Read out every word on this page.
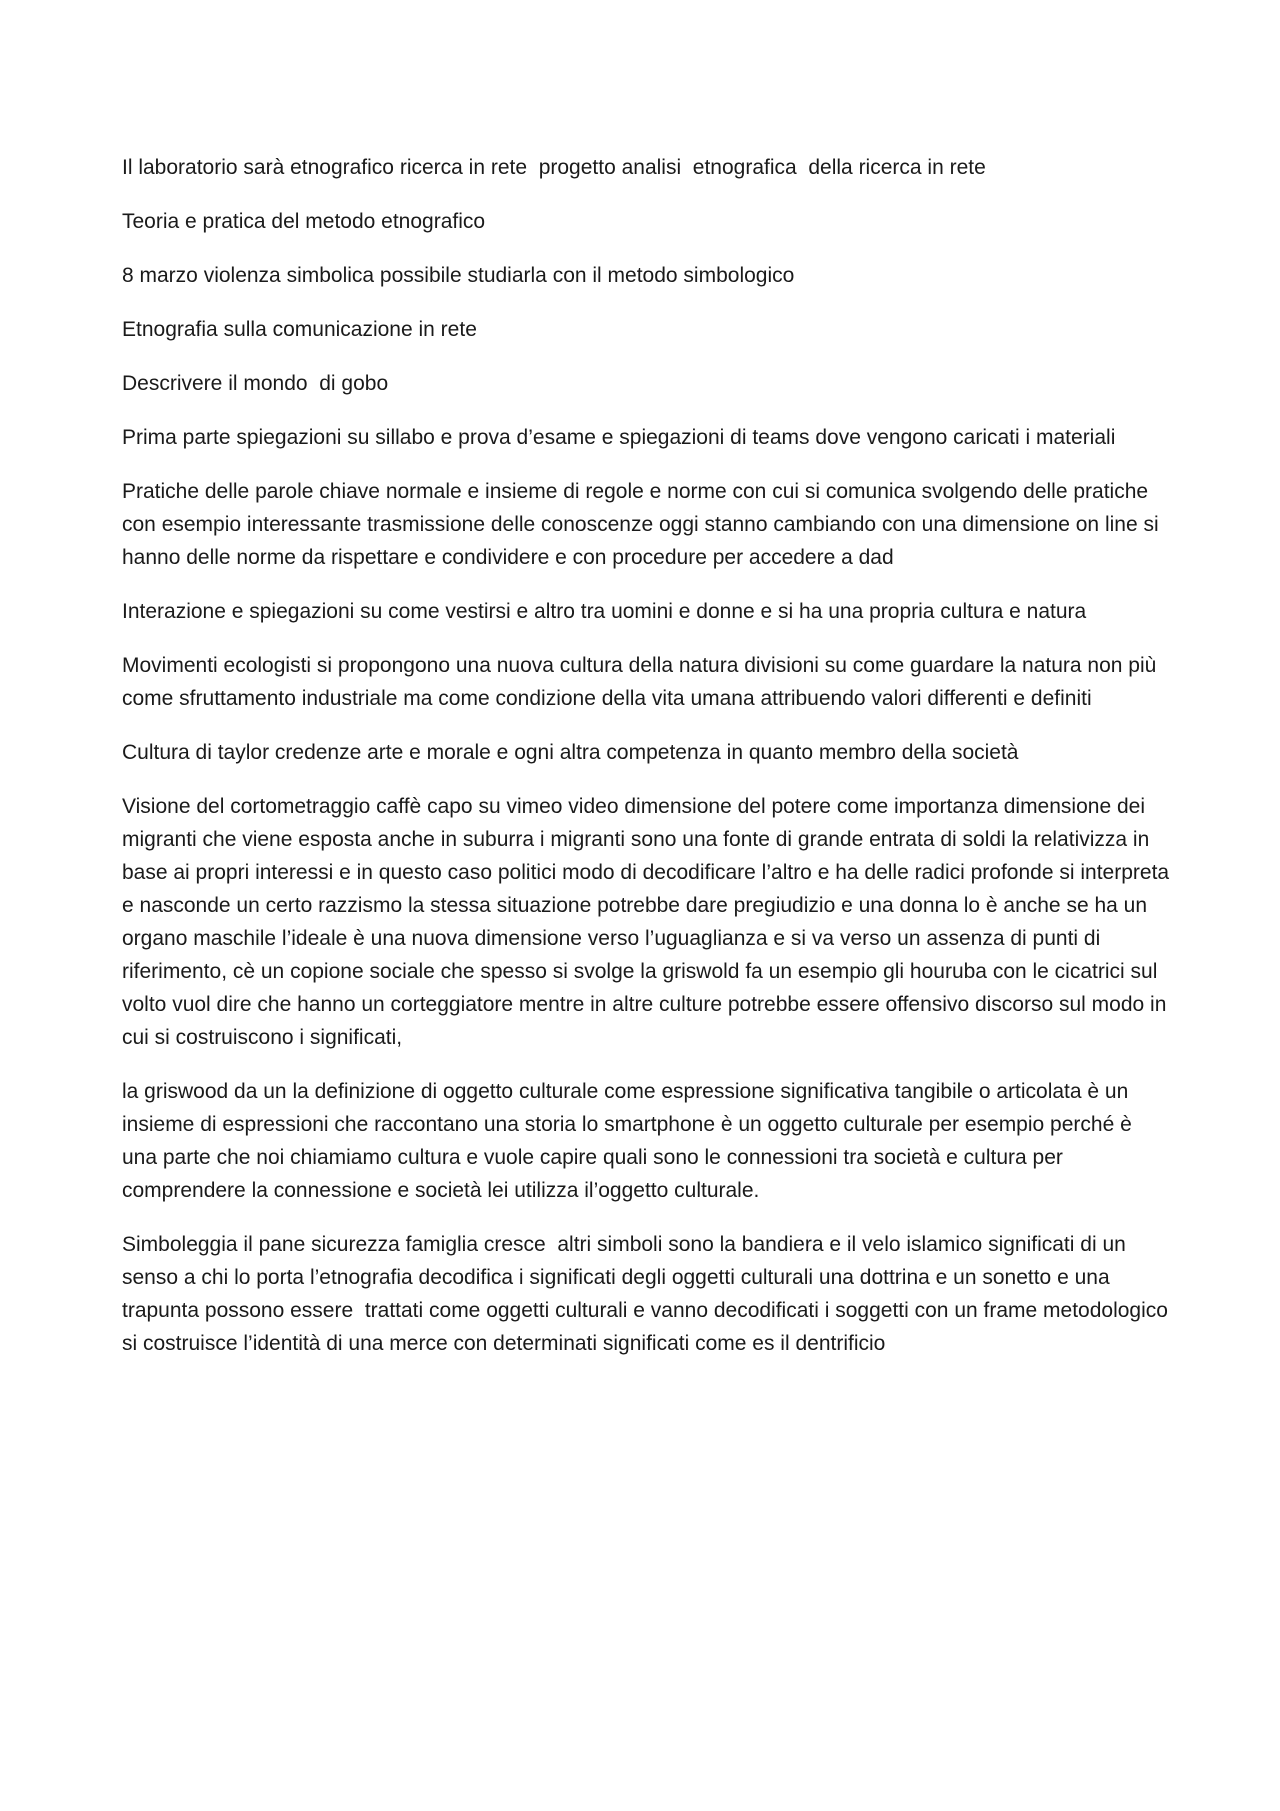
Il laboratorio sarà etnografico ricerca in rete  progetto analisi  etnografica  della ricerca in rete

Teoria e pratica del metodo etnografico

8 marzo violenza simbolica possibile studiarla con il metodo simbologico

Etnografia sulla comunicazione in rete

Descrivere il mondo  di gobo

Prima parte spiegazioni su sillabo e prova d’esame e spiegazioni di teams dove vengono caricati i materiali

Pratiche delle parole chiave normale e insieme di regole e norme con cui si comunica svolgendo delle pratiche con esempio interessante trasmissione delle conoscenze oggi stanno cambiando con una dimensione on line si hanno delle norme da rispettare e condividere e con procedure per accedere a dad

Interazione e spiegazioni su come vestirsi e altro tra uomini e donne e si ha una propria cultura e natura

Movimenti ecologisti si propongono una nuova cultura della natura divisioni su come guardare la natura non più come sfruttamento industriale ma come condizione della vita umana attribuendo valori differenti e definiti

Cultura di taylor credenze arte e morale e ogni altra competenza in quanto membro della società

Visione del cortometraggio caffè capo su vimeo video dimensione del potere come importanza dimensione dei migranti che viene esposta anche in suburra i migranti sono una fonte di grande entrata di soldi la relativizza in base ai propri interessi e in questo caso politici modo di decodificare l’altro e ha delle radici profonde si interpreta e nasconde un certo razzismo la stessa situazione potrebbe dare pregiudizio e una donna lo è anche se ha un organo maschile l’ideale è una nuova dimensione verso l’uguaglianza e si va verso un assenza di punti di riferimento, cè un copione sociale che spesso si svolge la griswold fa un esempio gli houruba con le cicatrici sul volto vuol dire che hanno un corteggiatore mentre in altre culture potrebbe essere offensivo discorso sul modo in cui si costruiscono i significati,

la griswood da un la definizione di oggetto culturale come espressione significativa tangibile o articolata è un insieme di espressioni che raccontano una storia lo smartphone è un oggetto culturale per esempio perché è una parte che noi chiamiamo cultura e vuole capire quali sono le connessioni tra società e cultura per comprendere la connessione e società lei utilizza il’oggetto culturale.

Simboleggia il pane sicurezza famiglia cresce  altri simboli sono la bandiera e il velo islamico significati di un senso a chi lo porta l’etnografia decodifica i significati degli oggetti culturali una dottrina e un sonetto e una trapunta possono essere  trattati come oggetti culturali e vanno decodificati i soggetti con un frame metodologico si costruisce l’identità di una merce con determinati significati come es il dentrificio
